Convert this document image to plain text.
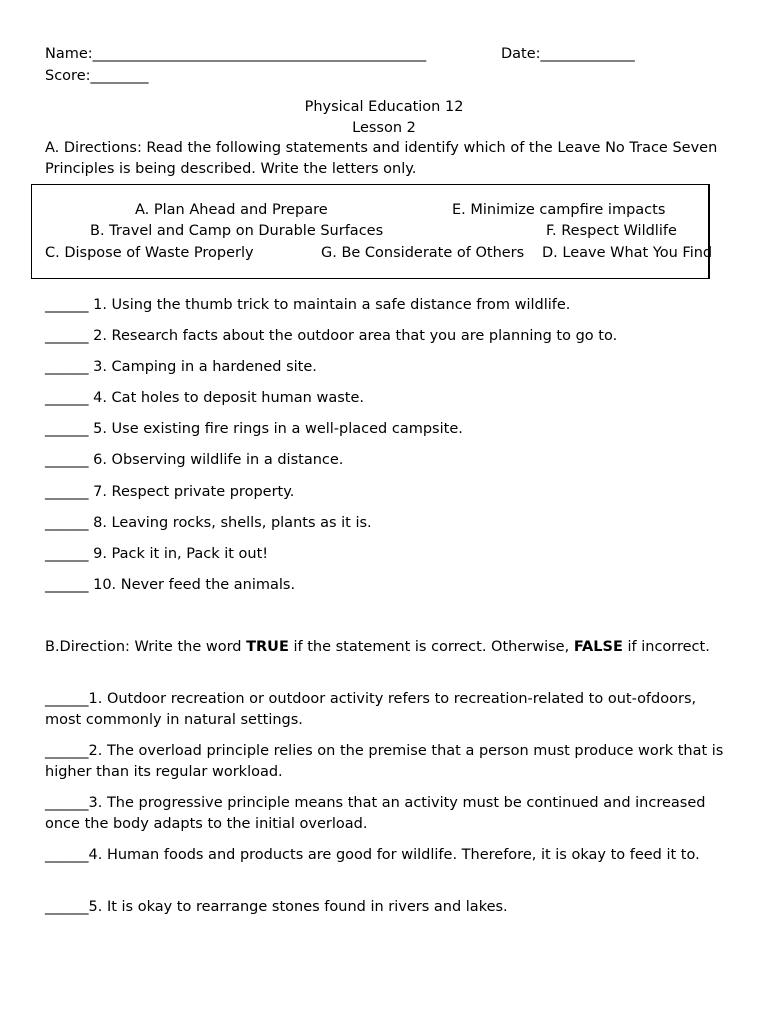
Name:______________________________________________	Date:_____________
Score:________
Physical Education 12
Lesson 2
A. Directions: Read the following statements and identify which of the Leave No Trace Seven Principles is being described. Write the letters only.
A. Plan Ahead and Prepare	E. Minimize campfire impacts
B. Travel and Camp on Durable Surfaces	F. Respect Wildlife
C. Dispose of Waste Properly	G. Be Considerate of Others D. Leave What You Find
______ 1. Using the thumb trick to maintain a safe distance from wildlife.
______ 2. Research facts about the outdoor area that you are planning to go to.
______ 3. Camping in a hardened site.
______ 4. Cat holes to deposit human waste.
______ 5. Use existing fire rings in a well-placed campsite.
______ 6. Observing wildlife in a distance.
______ 7. Respect private property.
______ 8. Leaving rocks, shells, plants as it is.
______ 9. Pack it in, Pack it out!
______ 10. Never feed the animals.
B.Direction: Write the word TRUE if the statement is correct. Otherwise, FALSE if incorrect.
______1. Outdoor recreation or outdoor activity refers to recreation-related to out-ofdoors, most commonly in natural settings.
______2. The overload principle relies on the premise that a person must produce work that is higher than its regular workload.
______3. The progressive principle means that an activity must be continued and increased once the body adapts to the initial overload.
______4. Human foods and products are good for wildlife. Therefore, it is okay to feed it to.
______5. It is okay to rearrange stones found in rivers and lakes.
